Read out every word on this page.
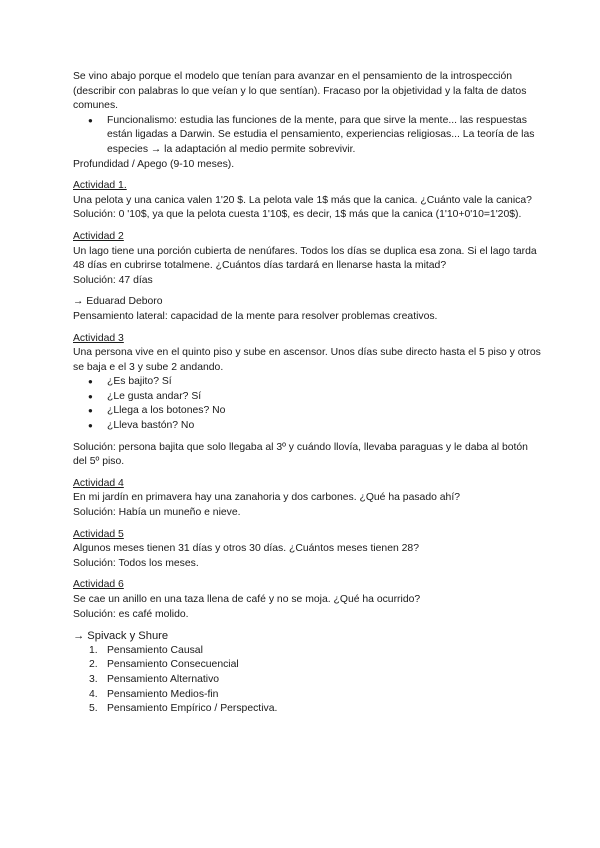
Se vino abajo porque el modelo que tenían para avanzar en el pensamiento de la introspección (describir con palabras lo que veían y lo que sentían). Fracaso por la objetividad y la falta de datos comunes.

● Funcionalismo: estudia las funciones de la mente, para que sirve la mente... las respuestas están ligadas a Darwin. Se estudia el pensamiento, experiencias religiosas... La teoría de las especies → la adaptación al medio permite sobrevivir.

Profundidad / Apego (9-10 meses).

Actividad 1.

Una pelota y una canica valen 1'20 $. La pelota vale 1$ más que la canica. ¿Cuánto vale la canica?

Solución: 0 '10$, ya que la pelota cuesta 1'10$, es decir, 1$ más que la canica (1'10+0'10=1'20$).

Actividad 2

Un lago tiene una porción cubierta de nenúfares. Todos los días se duplica esa zona. Si el lago tarda 48 días en cubrirse totalmene. ¿Cuántos días tardará en llenarse hasta la mitad?

Solución: 47 días

→ Eduarad Deboro

Pensamiento lateral: capacidad de la mente para resolver problemas creativos.

Actividad 3

Una persona vive en el quinto piso y sube en ascensor. Unos días sube directo hasta el 5 piso y otros se baja e el 3 y sube 2 andando.

● ¿Es bajito? Sí
● ¿Le gusta andar? Sí
● ¿Llega a los botones? No
● ¿Lleva bastón? No

Solución: persona bajita que solo llegaba al 3º y cuándo llovía, llevaba paraguas y le daba al botón del 5º piso.

Actividad 4

En mi jardín en primavera hay una zanahoria y dos carbones. ¿Qué ha pasado ahí?

Solución: Había un muneño e nieve.

Actividad 5

Algunos meses tienen 31 días y otros 30 días. ¿Cuántos meses tienen 28?

Solución: Todos los meses.

Actividad 6

Se cae un anillo en una taza llena de café y no se moja. ¿Qué ha ocurrido?

Solución: es café molido.

→ Spivack y Shure

1. Pensamiento Causal
2. Pensamiento Consecuencial
3. Pensamiento Alternativo
4. Pensamiento Medios-fin
5. Pensamiento Empírico / Perspectiva.
